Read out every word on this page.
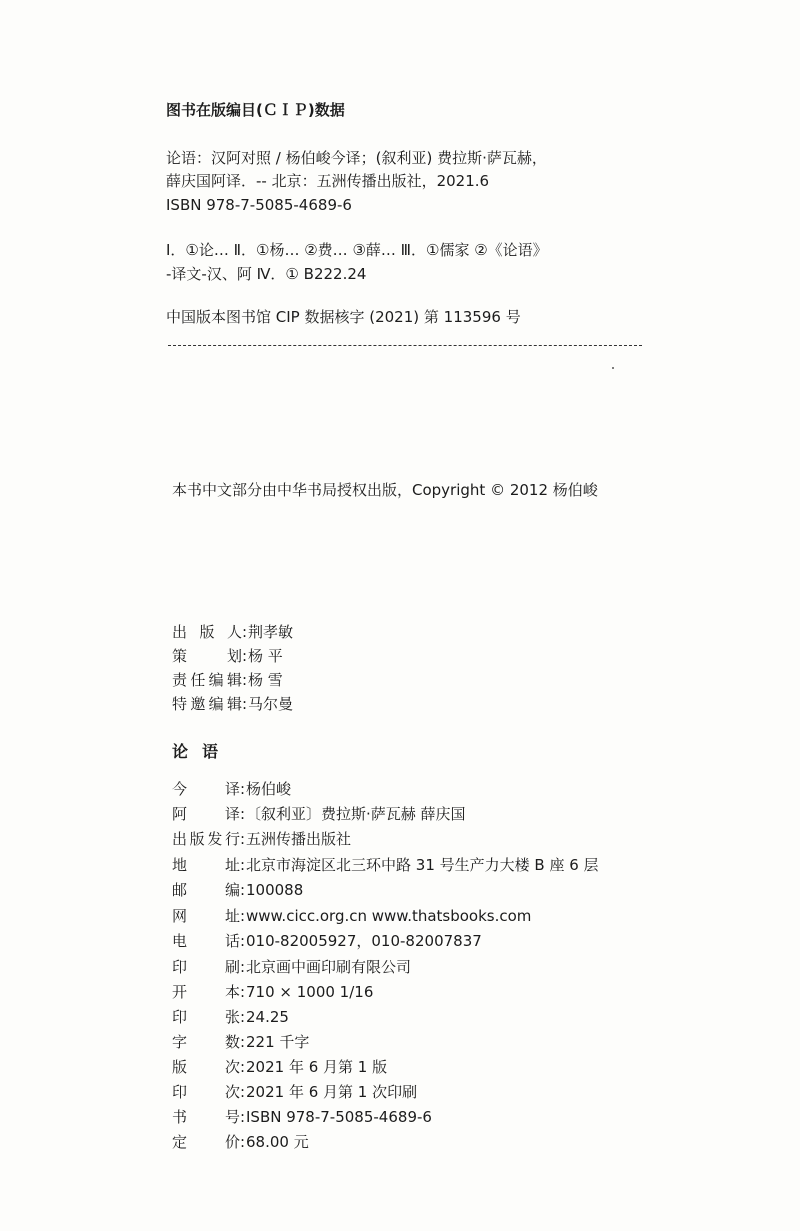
图书在版编目(ＣＩＰ)数据
论语：汉阿对照 / 杨伯峻今译；(叙利亚) 费拉斯·萨瓦赫，
薛庆国阿译．-- 北京：五洲传播出版社，2021.6
ISBN 978-7-5085-4689-6
Ⅰ．①论… Ⅱ．①杨… ②费… ③薛… Ⅲ．①儒家 ②《论语》
-译文-汉、阿 Ⅳ．① B222.24
中国版本图书馆 CIP 数据核字 (2021) 第 113596 号
本书中文部分由中华书局授权出版，Copyright © 2012 杨伯峻
出版人:荆孝敏
策划:杨 平
责任编辑:杨 雪
特邀编辑:马尔曼
论语
今译:杨伯峻
阿译:〔叙利亚〕费拉斯·萨瓦赫 薛庆国
出版发行:五洲传播出版社
地址:北京市海淀区北三环中路 31 号生产力大楼 B 座 6 层
邮编:100088
网址:www.cicc.org.cn www.thatsbooks.com
电话:010-82005927，010-82007837
印刷:北京画中画印刷有限公司
开本:710 × 1000 1/16
印张:24.25
字数:221 千字
版次:2021 年 6 月第 1 版
印次:2021 年 6 月第 1 次印刷
书号:ISBN 978-7-5085-4689-6
定价:68.00 元
